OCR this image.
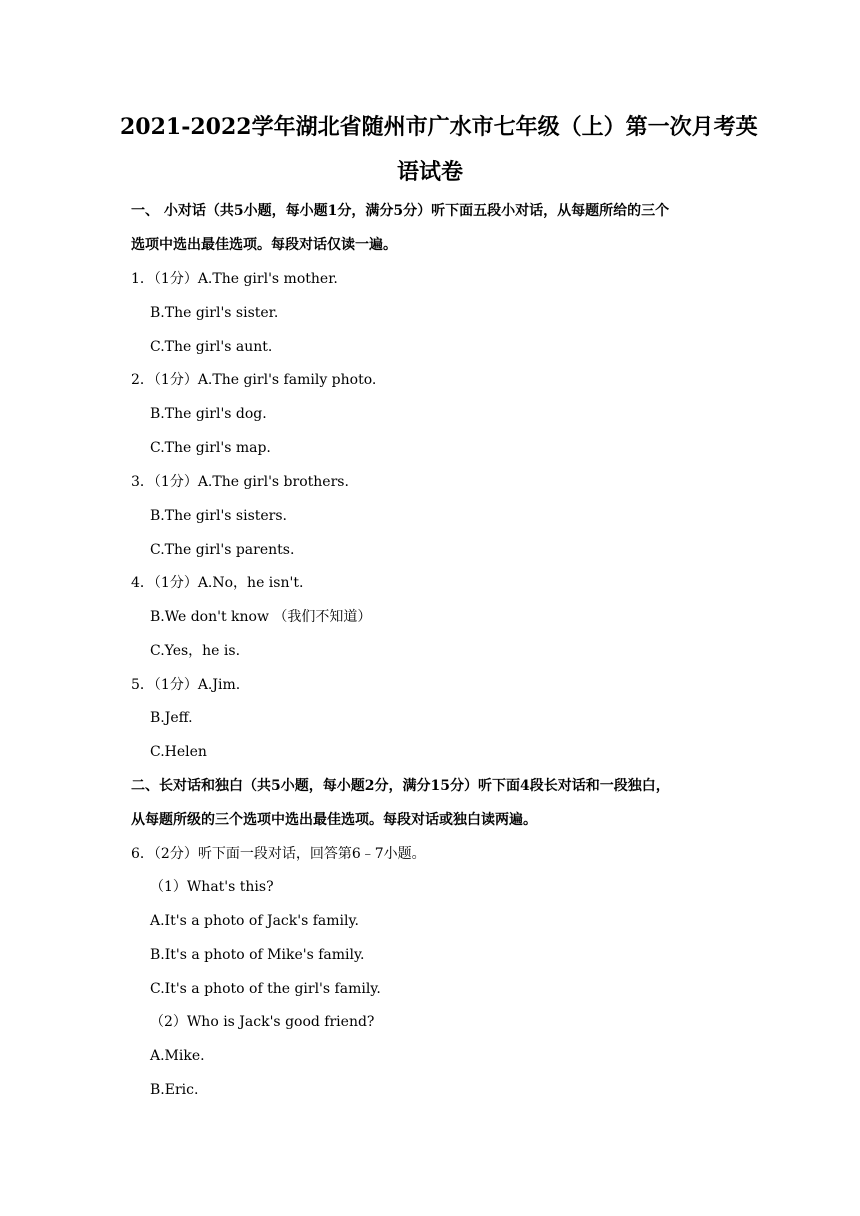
2021-2022学年湖北省随州市广水市七年级（上）第一次月考英
语试卷
一、 小对话（共5小题，每小题1分，满分5分）听下面五段小对话，从每题所给的三个
选项中选出最佳选项。每段对话仅读一遍。
1．（1分）A.The girl's mother.
B.The girl's sister.
C.The girl's aunt.
2．（1分）A.The girl's family photo.
B.The girl's dog.
C.The girl's map.
3．（1分）A.The girl's brothers.
B.The girl's sisters.
C.The girl's parents.
4．（1分）A.No，he isn't.
B.We don't know （我们不知道）
C.Yes，he is.
5．（1分）A.Jim.
B.Jeff.
C.Helen
二、长对话和独白（共5小题，每小题2分，满分15分）听下面4段长对话和一段独白，
从每题所级的三个选项中选出最佳选项。每段对话或独白读两遍。
6．（2分）听下面一段对话，回答第6﹣7小题。
（1）What's this?
A.It's a photo of Jack's family.
B.It's a photo of Mike's family.
C.It's a photo of the girl's family.
（2）Who is Jack's good friend?
A.Mike.
B.Eric.
